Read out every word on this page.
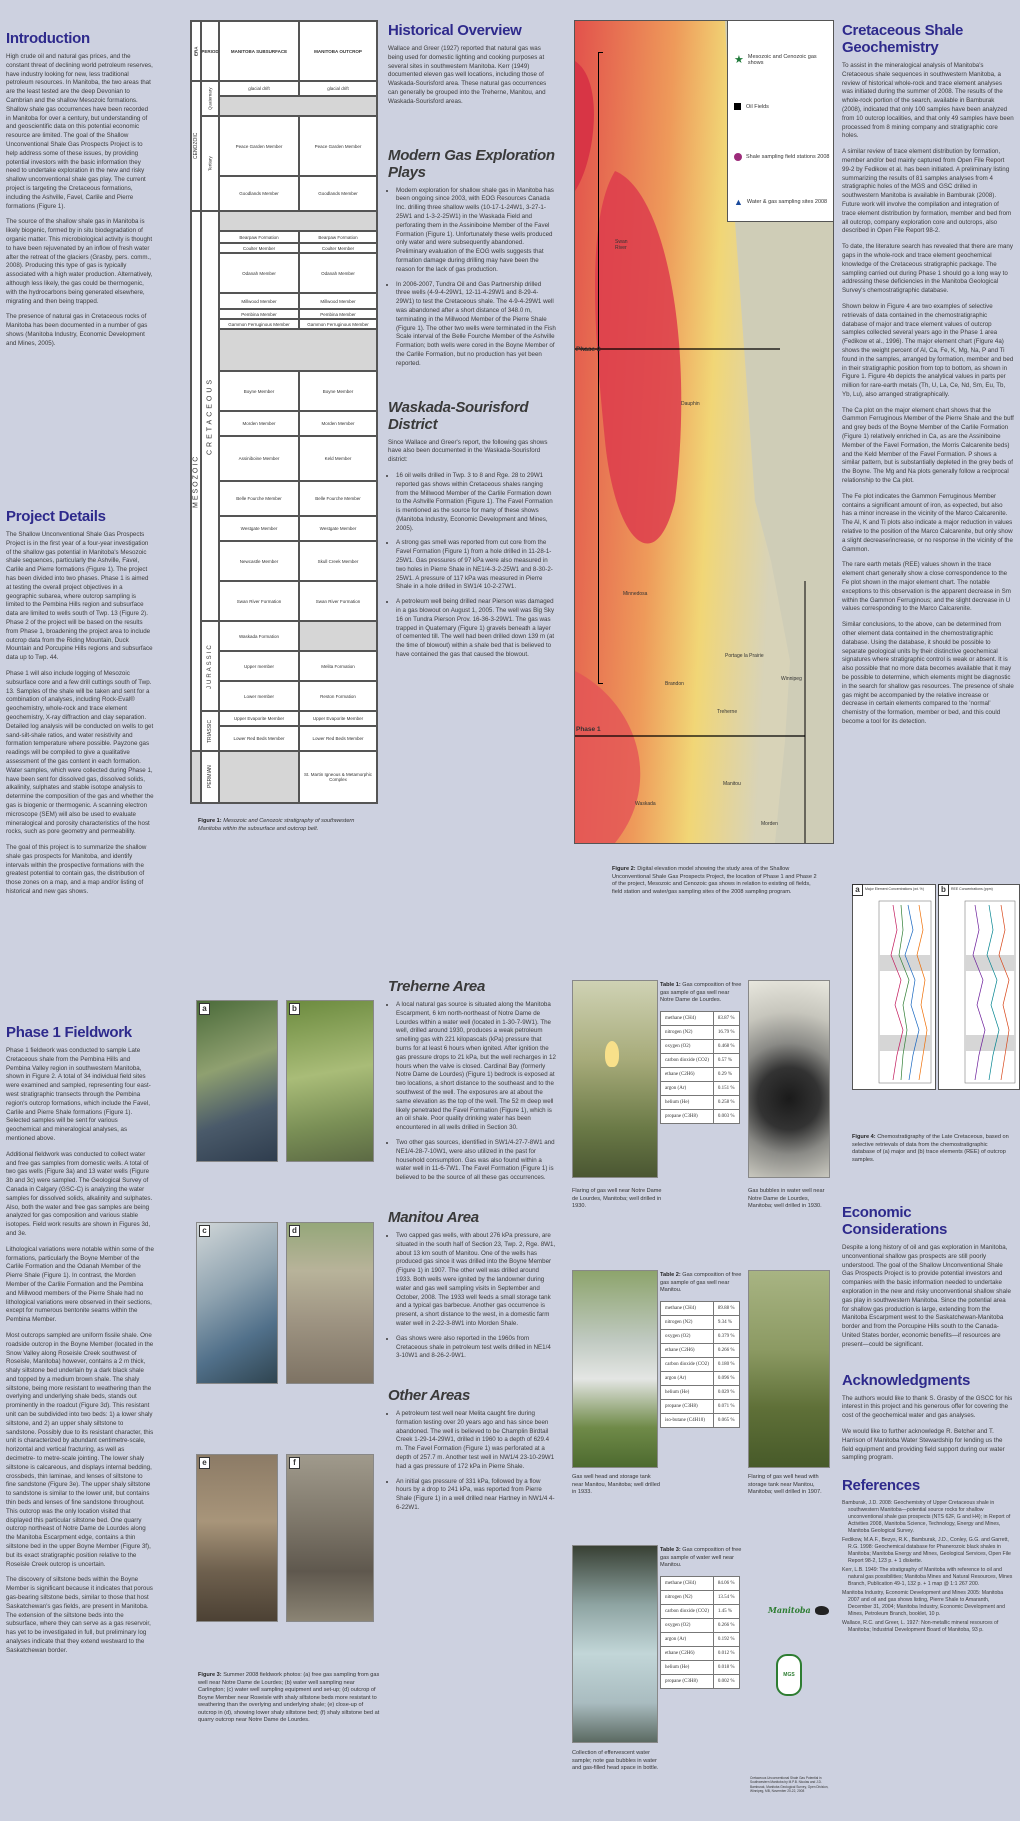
Introduction

High crude oil and natural gas prices, and the constant threat of declining world petroleum reserves, have industry looking for new, less traditional petroleum resources. In Manitoba, the two areas that are the least tested are the deep Devonian to Cambrian and the shallow Mesozoic formations. Shallow shale gas occurrences have been recorded in Manitoba for over a century, but understanding of and geoscientific data on this potential economic resource are limited. The goal of the Shallow Unconventional Shale Gas Prospects Project is to help address some of these issues, by providing potential investors with the basic information they need to undertake exploration in the new and risky shallow unconventional shale gas play. The current project is targeting the Cretaceous formations, including the Ashville, Favel, Carlile and Pierre formations (Figure 1).

The source of the shallow shale gas in Manitoba is likely biogenic, formed by in situ biodegradation of organic matter. This microbiological activity is thought to have been rejuvenated by an inflow of fresh water after the retreat of the glaciers (Grasby, pers. comm., 2008). Producing this type of gas is typically associated with a high water production. Alternatively, although less likely, the gas could be thermogenic, with the hydrocarbons being generated elsewhere, migrating and then being trapped.

The presence of natural gas in Cretaceous rocks of Manitoba has been documented in a number of gas shows (Manitoba Industry, Economic Development and Mines, 2005).

Project Details

The Shallow Unconventional Shale Gas Prospects Project is in the first year of a four-year investigation of the shallow gas potential in Manitoba's Mesozoic shale sequences, particularly the Ashville, Favel, Carlile and Pierre formations (Figure 1). The project has been divided into two phases. Phase 1 is aimed at testing the overall project objectives in a geographic subarea, where outcrop sampling is limited to the Pembina Hills region and subsurface data are limited to wells south of Twp. 13 (Figure 2). Phase 2 of the project will be based on the results from Phase 1, broadening the project area to include outcrop data from the Riding Mountain, Duck Mountain and Porcupine Hills regions and subsurface data up to Twp. 44.

Phase 1 will also include logging of Mesozoic subsurface core and a few drill cuttings south of Twp. 13. Samples of the shale will be taken and sent for a combination of analyses, including Rock-Eval® geochemistry, whole-rock and trace element geochemistry, X-ray diffraction and clay separation. Detailed log analysis will be conducted on wells to get sand-silt-shale ratios, and water resistivity and formation temperature where possible. Payzone gas readings will be compiled to give a qualitative assessment of the gas content in each formation. Water samples, which were collected during Phase 1, have been sent for dissolved gas, dissolved solids, alkalinity, sulphates and stable isotope analysis to determine the composition of the gas and whether the gas is biogenic or thermogenic. A scanning electron microscope (SEM) will also be used to evaluate mineralogical and porosity characteristics of the host rocks, such as pore geometry and permeability.

The goal of this project is to summarize the shallow shale gas prospects for Manitoba, and identify intervals within the prospective formations with the greatest potential to contain gas, the distribution of those zones on a map, and a map and/or listing of historical and new gas shows.

Phase 1 Fieldwork

Phase 1 fieldwork was conducted to sample Late Cretaceous shale from the Pembina Hills and Pembina Valley region in southwestern Manitoba, shown in Figure 2. A total of 34 individual field sites were examined and sampled, representing four east-west stratigraphic transects through the Pembina region's outcrop formations, which include the Favel, Carlile and Pierre Shale formations (Figure 1). Selected samples will be sent for various geochemical and mineralogical analyses, as mentioned above.

Additional fieldwork was conducted to collect water and free gas samples from domestic wells. A total of two gas wells (Figure 3a) and 13 water wells (Figure 3b and 3c) were sampled. The Geological Survey of Canada in Calgary (GSC-C) is analyzing the water samples for dissolved solids, alkalinity and sulphates. Also, both the water and free gas samples are being analyzed for gas composition and various stable isotopes. Field work results are shown in Figures 3d, and 3e.

Lithological variations were notable within some of the formations, particularly the Boyne Member of the Carlile Formation and the Odanah Member of the Pierre Shale (Figure 1). In contrast, the Morden Member of the Carlile Formation and the Pembina and Millwood members of the Pierre Shale had no lithological variations were observed in their sections, except for numerous bentonite seams within the Pembina Member.

Most outcrops sampled are uniform fissile shale. One roadside outcrop in the Boyne Member (located in the Snow Valley along Roseisle Creek southwest of Roseisle, Manitoba) however, contains a 2 m thick, shaly siltstone bed underlain by a dark black shale and topped by a medium brown shale. The shaly siltstone, being more resistant to weathering than the overlying and underlying shale beds, stands out prominently in the roadcut (Figure 3d). This resistant unit can be subdivided into two beds: 1) a lower shaly siltstone, and 2) an upper shaly siltstone to sandstone. Possibly due to its resistant character, this unit is characterized by abundant centimetre-scale, horizontal and vertical fracturing, as well as decimetre- to metre-scale jointing. The lower shaly siltstone is calcareous, and displays internal bedding, crossbeds, thin laminae, and lenses of siltstone to fine sandstone (Figure 3e). The upper shaly siltstone to sandstone is similar to the lower unit, but contains thin beds and lenses of fine sandstone throughout. This outcrop was the only location visited that displayed this particular siltstone bed. One quarry outcrop northeast of Notre Dame de Lourdes along the Manitoba Escarpment edge, contains a thin siltstone bed in the upper Boyne Member (Figure 3f), but its exact stratigraphic position relative to the Roseisle Creek outcrop is uncertain.

The discovery of siltstone beds within the Boyne Member is significant because it indicates that porous gas-bearing siltstone beds, similar to those that host Saskatchewan's gas fields, are present in Manitoba. The extension of the siltstone beds into the subsurface, where they can serve as a gas reservoir, has yet to be investigated in full, but preliminary log analyses indicate that they extend westward to the Saskatchewan border.

ERA PERIOD	MANITOBA SUBSURFACE	MANITOBA OUTCROP
CENOZOIC
MESOZOIC
Quaternary
Tertiary
CRETACEOUS
JURASSIC
TRIASSIC
PERMIAN
glacial drift	glacial drift
Peace Garden Member	Peace Garden Member
Goodlands Member	Goodlands Member
Bearpaw Formation	Bearpaw Formation
Coulter Member	Coulter Member
Odanah Member	Odanah Member
Millwood Member	Millwood Member
Pembina Member	Pembina Member
Gammon Ferruginous Member	Gammon Ferruginous Member
Boyne Member	Boyne Member
Morden Member	Morden Member
Assiniboine Member	Keld Member
Belle Fourche Member	Belle Fourche Member
Westgate Member	Westgate Member
Newcastle Member	Skull Creek Member
Swan River Formation	Swan River Formation
Waskada Formation
Upper member	Melita Formation
Lower member	Reston Formation
Upper Evaporite Member	Upper Evaporite Member
Lower Red Beds Member	Lower Red Beds Member
St. Martin Igneous & Metamorphic Complex
Figure 1: Mesozoic and Cenozoic stratigraphy of southwestern Manitoba within the subsurface and outcrop belt.
a	b
c	d
e	f
Figure 3: Summer 2008 fieldwork photos: (a) free gas sampling from gas well near Notre Dame de Lourdes; (b) water well sampling near Carlington; (c) water well sampling equipment and set-up; (d) outcrop of Boyne Member near Roseisle with shaly siltstone beds more resistant to weathering than the overlying and underlying shale; (e) close-up of outcrop in (d), showing lower shaly siltstone bed; (f) shaly siltstone bed at quarry outcrop near Notre Dame de Lourdes.
Historical Overview

Wallace and Greer (1927) reported that natural gas was being used for domestic lighting and cooking purposes at several sites in southwestern Manitoba. Kerr (1949) documented eleven gas well locations, including those of Waskada-Sourisford area. These natural gas occurrences can generally be grouped into the Treherne, Manitou, and Waskada-Sourisford areas.

Modern Gas Exploration Plays
• Modern exploration for shallow shale gas in Manitoba has been ongoing since 2003, with EOG Resources Canada Inc. drilling three shallow wells (10-17-1-24W1, 3-27-1-25W1 and 1-3-2-25W1) in the Waskada Field and perforating them in the Assiniboine Member of the Favel Formation (Figure 1). Unfortunately these wells produced only water and were subsequently abandoned. Preliminary evaluation of the EOG wells suggests that formation damage during drilling may have been the reason for the lack of gas production.
• In 2006-2007, Tundra Oil and Gas Partnership drilled three wells (4-9-4-29W1, 12-11-4-29W1 and 8-29-4-29W1) to test the Cretaceous shale. The 4-9-4-29W1 well was abandoned after a short distance of 348.0 m, terminating in the Millwood Member of the Pierre Shale (Figure 1). The other two wells were terminated in the Fish Scale interval of the Belle Fourche Member of the Ashville Formation; both wells were cored in the Boyne Member of the Carlile Formation, but no production has yet been reported.
Waskada-Sourisford District

Since Wallace and Greer's report, the following gas shows have also been documented in the Waskada-Sourisford district:

• 16 oil wells drilled in Twp. 3 to 8 and Rge. 28 to 29W1 reported gas shows within Cretaceous shales ranging from the Millwood Member of the Carlile Formation down to the Ashville Formation (Figure 1). The Favel Formation is mentioned as the source for many of these shows (Manitoba Industry, Economic Development and Mines, 2005).
• A strong gas smell was reported from cut core from the Favel Formation (Figure 1) from a hole drilled in 11-28-1-25W1. Gas pressures of 97 kPa were also measured in two holes in Pierre Shale in NE1/4-3-2-25W1 and 8-30-2-25W1. A pressure of 117 kPa was measured in Pierre Shale in a hole drilled in SW1/4 10-2-27W1.
• A petroleum well being drilled near Pierson was damaged in a gas blowout on August 1, 2005. The well was Big Sky 16 on Tundra Pierson Prov. 16-36-3-29W1. The gas was trapped in Quaternary (Figure 1) gravels beneath a layer of cemented till. The well had been drilled down 139 m (at the time of blowout) within a shale bed that is believed to have contained the gas that caused the blowout.
Treherne Area
• A local natural gas source is situated along the Manitoba Escarpment, 6 km north-northeast of Notre Dame de Lourdes within a water well (located in 1-30-7-9W1). The well, drilled around 1930, produces a weak petroleum smelling gas with 221 kilopascals (kPa) pressure that burns for at least 6 hours when ignited. After ignition the gas pressure drops to 21 kPa, but the well recharges in 12 hours when the valve is closed. Cardinal Bay (formerly Notre Dame de Lourdes) (Figure 1) bedrock is exposed at two locations, a short distance to the southeast and to the southwest of the well. The exposures are at about the same elevation as the top of the well. The 52 m deep well likely penetrated the Favel Formation (Figure 1), which is an oil shale. Poor quality drinking water has been encountered in all wells drilled in Section 30.
• Two other gas sources, identified in SW1/4-27-7-8W1 and NE1/4-28-7-10W1, were also utilized in the past for household consumption. Gas was also found within a water well in 11-6-7W1. The Favel Formation (Figure 1) is believed to be the source of all these gas occurrences.
Manitou Area
• Two capped gas wells, with about 276 kPa pressure, are situated in the south half of Section 23, Twp. 2, Rge. 8W1, about 13 km south of Manitou. One of the wells has produced gas since it was drilled into the Boyne Member (Figure 1) in 1907. The other well was drilled around 1933. Both wells were ignited by the landowner during water and gas well sampling visits in September and October, 2008. The 1933 well feeds a small storage tank and a typical gas barbecue. Another gas occurrence is present, a short distance to the west, in a domestic farm water well in 2-22-3-8W1 into Morden Shale.
• Gas shows were also reported in the 1960s from Cretaceous shale in petroleum test wells drilled in NE1/4 3-10W1 and 8-26-2-9W1.
Other Areas
• A petroleum test well near Melita caught fire during formation testing over 20 years ago and has since been abandoned. The well is believed to be Champlin Birdtail Creek 1-29-14-29W1, drilled in 1960 to a depth of 629.4 m. The Favel Formation (Figure 1) was perforated at a depth of 257.7 m. Another test well in NW1/4 23-10-29W1 had a gas pressure of 172 kPa in Pierre Shale.
• An initial gas pressure of 331 kPa, followed by a flow hours by a drop to 241 kPa, was reported from Pierre Shale (Figure 1) in a well drilled near Hartney in NW1/4 4-6-22W1.
★ Mesozoic and Cenozoic gas shows
Oil Fields
Shale sampling field stations 2008
▲ Water & gas sampling sites 2008
Swan River
Dauphin
Minnedosa
Brandon
Portage la Prairie
Winnipeg
Treherne
Manitou
Morden
Waskada
Phase 2
Phase 1
Figure 2: Digital elevation model showing the study area of the Shallow Unconventional Shale Gas Prospects Project, the location of Phase 1 and Phase 2 of the project, Mesozoic and Cenozoic gas shows in relation to existing oil fields, field station and water/gas sampling sites of the 2008 sampling program.
Flaring of gas well near Notre Dame de Lourdes, Manitoba; well drilled in 1930.
Table 1: Gas composition of free gas sample of gas well near Notre Dame de Lourdes.
methane (CH4)	83.87 %
nitrogen (N2)	16.79 %
oxygen (O2)	0.468 %
carbon dioxide (CO2)	0.57 %
ethane (C2H6)	0.29 %
argon (Ar)	0.151 %
helium (He)	0.258 %
propane (C3H8)	0.003 %
Gas bubbles in water well near Notre Dame de Lourdes, Manitoba; well drilled in 1930.
Gas well head and storage tank near Manitou, Manitoba; well drilled in 1933.
Table 2: Gas composition of free gas sample of gas well near Manitou.
methane (CH4)	89.88 %
nitrogen (N2)	9.34 %
oxygen (O2)	0.379 %
ethane (C2H6)	0.266 %
carbon dioxide (CO2)	0.180 %
argon (Ar)	0.096 %
helium (He)	0.029 %
propane (C3H8)	0.071 %
iso-butane (C4H10)	0.065 %
Flaring of gas well head with storage tank near Manitou, Manitoba; well drilled in 1907.
Collection of effervescent water sample; note gas bubbles in water and gas-filled head space in bottle.
Table 3: Gas composition of free gas sample of water well near Manitou.
methane (CH4)	84.06 %
nitrogen (N2)	13.54 %
carbon dioxide (CO2)	1.45 %
oxygen (O2)	0.266 %
argon (Ar)	0.192 %
ethane (C2H6)	0.012 %
helium (He)	0.018 %
propane (C3H8)	0.002 %
Cretaceous Shale Geochemistry

To assist in the mineralogical analysis of Manitoba's Cretaceous shale sequences in southwestern Manitoba, a review of historical whole-rock and trace element analyses was initiated during the summer of 2008. The results of the whole-rock portion of the search, available in Bamburak (2008), indicated that only 100 samples have been analyzed from 10 outcrop localities, and that only 49 samples have been processed from 8 mining company and stratigraphic core holes.

A similar review of trace element distribution by formation, member and/or bed mainly captured from Open File Report 99-2 by Fedikow et al. has been initiated. A preliminary listing summarizing the results of 81 samples analyses from 4 stratigraphic holes of the MGS and GSC drilled in southwestern Manitoba is available in Bamburak (2008). Future work will involve the compilation and integration of trace element distribution by formation, member and bed from all outcrop, company exploration core and outcrops, also described in Open File Report 98-2.

To date, the literature search has revealed that there are many gaps in the whole-rock and trace element geochemical knowledge of the Cretaceous stratigraphic package. The sampling carried out during Phase 1 should go a long way to addressing these deficiencies in the Manitoba Geological Survey's chemostratigraphic database.

Shown below in Figure 4 are two examples of selective retrievals of data contained in the chemostratigraphic database of major and trace element values of outcrop samples collected several years ago in the Phase 1 area (Fedikow et al., 1996). The major element chart (Figure 4a) shows the weight percent of Al, Ca, Fe, K, Mg, Na, P and Ti found in the samples, arranged by formation, member and bed in their stratigraphic position from top to bottom, as shown in Figure 1. Figure 4b depicts the analytical values in parts per million for rare-earth metals (Th, U, La, Ce, Nd, Sm, Eu, Tb, Yb, Lu), also arranged stratigraphically.

The Ca plot on the major element chart shows that the Gammon Ferruginous Member of the Pierre Shale and the buff and grey beds of the Boyne Member of the Carlile Formation (Figure 1) relatively enriched in Ca, as are the Assiniboine Member of the Favel Formation, the Morris Calcarenite beds) and the Keld Member of the Favel Formation. P shows a similar pattern, but is substantially depleted in the grey beds of the Boyne. The Mg and Na plots generally follow a reciprocal relationship to the Ca plot.

The Fe plot indicates the Gammon Ferruginous Member contains a significant amount of iron, as expected, but also has a minor increase in the vicinity of the Marco Calcarenite. The Al, K and Ti plots also indicate a major reduction in values relative to the position of the Marco Calcarenite, but only show a slight decrease/increase, or no response in the vicinity of the Gammon.

The rare earth metals (REE) values shown in the trace element chart generally show a close correspondence to the Fe plot shown in the major element chart. The notable exceptions to this observation is the apparent decrease in Sm within the Gammon Ferruginous; and the slight decrease in U values corresponding to the Marco Calcarenite.

Similar conclusions, to the above, can be determined from other element data contained in the chemostratigraphic database. Using the database, it should be possible to separate geological units by their distinctive geochemical signatures where stratigraphic control is weak or absent. It is also possible that no more data becomes available that it may be possible to determine, which elements might be diagnostic in the search for shallow gas resources. The presence of shale gas might be accompanied by the relative increase or decrease in certain elements compared to the 'normal' chemistry of the formation, member or bed, and this could become a tool for its detection.

a	Major Element Concentrations (wt. %)	b	REE Concentrations (ppm)
Figure 4: Chemostratigraphy of the Late Cretaceous, based on selective retrievals of data from the chemostratigraphic database of (a) major and (b) trace elements (REE) of outcrop samples.
Economic Considerations

Despite a long history of oil and gas exploration in Manitoba, unconventional shallow gas prospects are still poorly understood. The goal of the Shallow Unconventional Shale Gas Prospects Project is to provide potential investors and companies with the basic information needed to undertake exploration in the new and risky unconventional shallow shale gas play in southwestern Manitoba. Since the potential area for shallow gas production is large, extending from the Manitoba Escarpment west to the Saskatchewan-Manitoba border and from the Porcupine Hills south to the Canada-United States border, economic benefits—if resources are present—could be significant.

Acknowledgments

The authors would like to thank S. Grasby of the GSCC for his interest in this project and his generous offer for covering the cost of the geochemical water and gas analyses.

We would like to further acknowledge R. Betcher and T. Harrison of Manitoba Water Stewardship for lending us the field equipment and providing field support during our water sampling program.

References
Bamburak, J.D. 2008: Geochemistry of Upper Cretaceous shale in southwestern Manitoba—potential source rocks for shallow unconventional shale gas prospects (NTS 62F, G and H4); in Report of Activities 2008, Manitoba Science, Technology, Energy and Mines, Manitoba Geological Survey.
Fedikow, M.A.F., Bezys, R.K., Bamburak, J.D., Conley, G.G. and Garrett, R.G. 1998: Geochemical database for Phanerozoic black shales in Manitoba; Manitoba Energy and Mines, Geological Services, Open File Report 98-2, 123 p. + 1 diskette.
Kerr, L.B. 1949: The stratigraphy of Manitoba with reference to oil and natural gas possibilities; Manitoba Mines and Natural Resources, Mines Branch, Publication 49-1, 132 p. + 1 map @ 1:1 267 200.
Manitoba Industry, Economic Development and Mines 2005: Manitoba 2007 and oil and gas shows listing, Pierre Shale to Amaranth, December 31, 2004; Manitoba Industry, Economic Development and Mines, Petroleum Branch, booklet, 10 p.
Wallace, R.C. and Greer, L. 1927: Non-metallic mineral resources of Manitoba; Industrial Development Board of Manitoba, 93 p.
Manitoba
MGS
Cretaceous Unconventional Shale Gas Potential in Southwestern Manitoba by M.P.B. Nicolas and J.D. Bamburak, Manitoba Geological Survey, Open Division, Winnipeg, MB, November 20-22, 2008
